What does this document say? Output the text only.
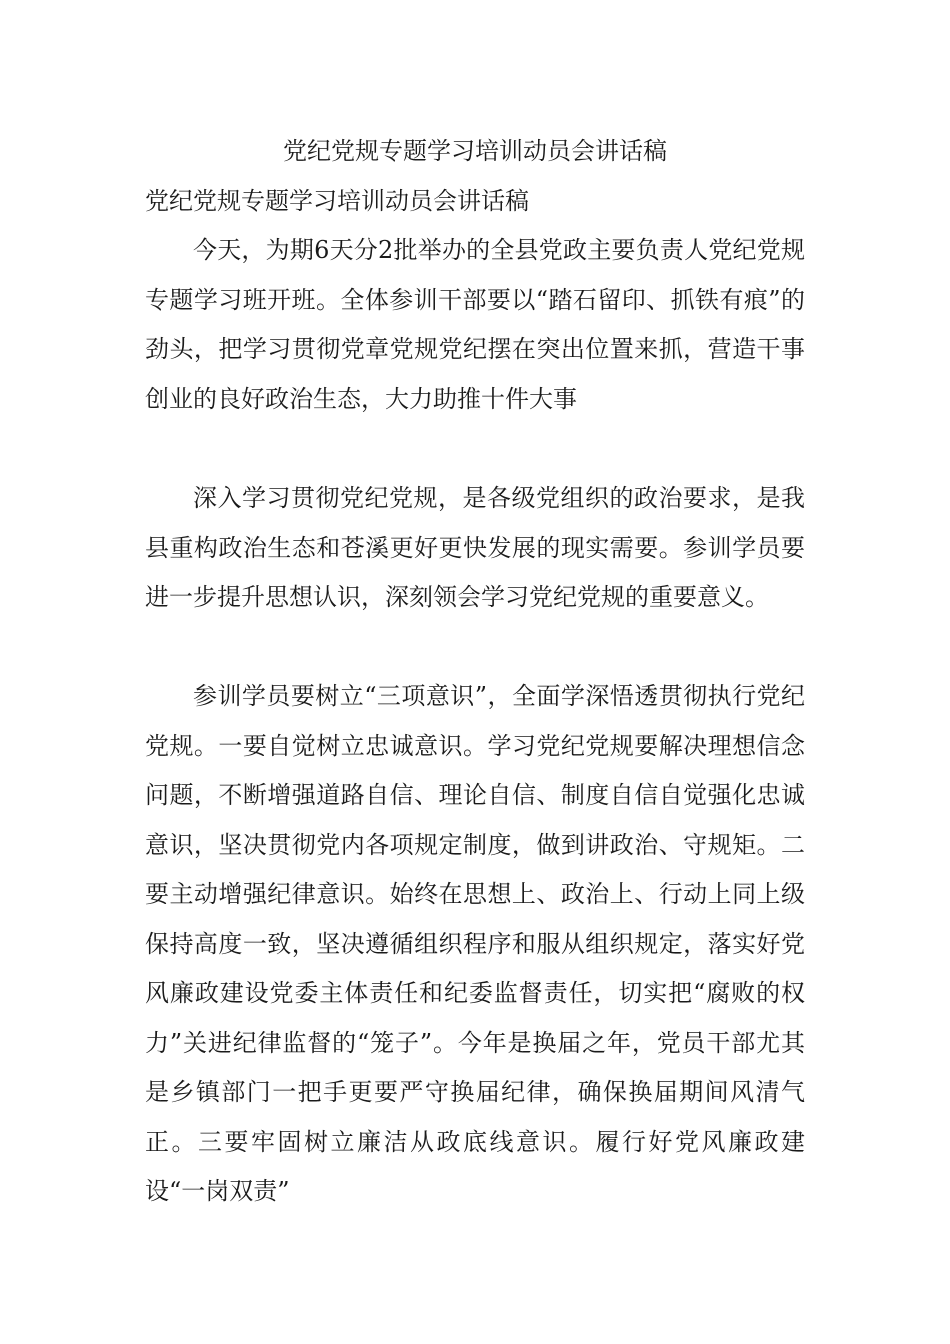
党纪党规专题学习培训动员会讲话稿
党纪党规专题学习培训动员会讲话稿

今天，为期6天分2批举办的全县党政主要负责人党纪党规专题学习班开班。全体参训干部要以“踏石留印、抓铁有痕”的劲头，把学习贯彻党章党规党纪摆在突出位置来抓，营造干事创业的良好政治生态，大力助推十件大事

深入学习贯彻党纪党规，是各级党组织的政治要求，是我县重构政治生态和苍溪更好更快发展的现实需要。参训学员要进一步提升思想认识，深刻领会学习党纪党规的重要意义。

参训学员要树立“三项意识”，全面学深悟透贯彻执行党纪党规。一要自觉树立忠诚意识。学习党纪党规要解决理想信念问题，不断增强道路自信、理论自信、制度自信自觉强化忠诚意识，坚决贯彻党内各项规定制度，做到讲政治、守规矩。二要主动增强纪律意识。始终在思想上、政治上、行动上同上级保持高度一致，坚决遵循组织程序和服从组织规定，落实好党风廉政建设党委主体责任和纪委监督责任，切实把“腐败的权力”关进纪律监督的“笼子”。今年是换届之年，党员干部尤其是乡镇部门一把手更要严守换届纪律，确保换届期间风清气正。三要牢固树立廉洁从政底线意识。履行好党风廉政建设“一岗双责”
